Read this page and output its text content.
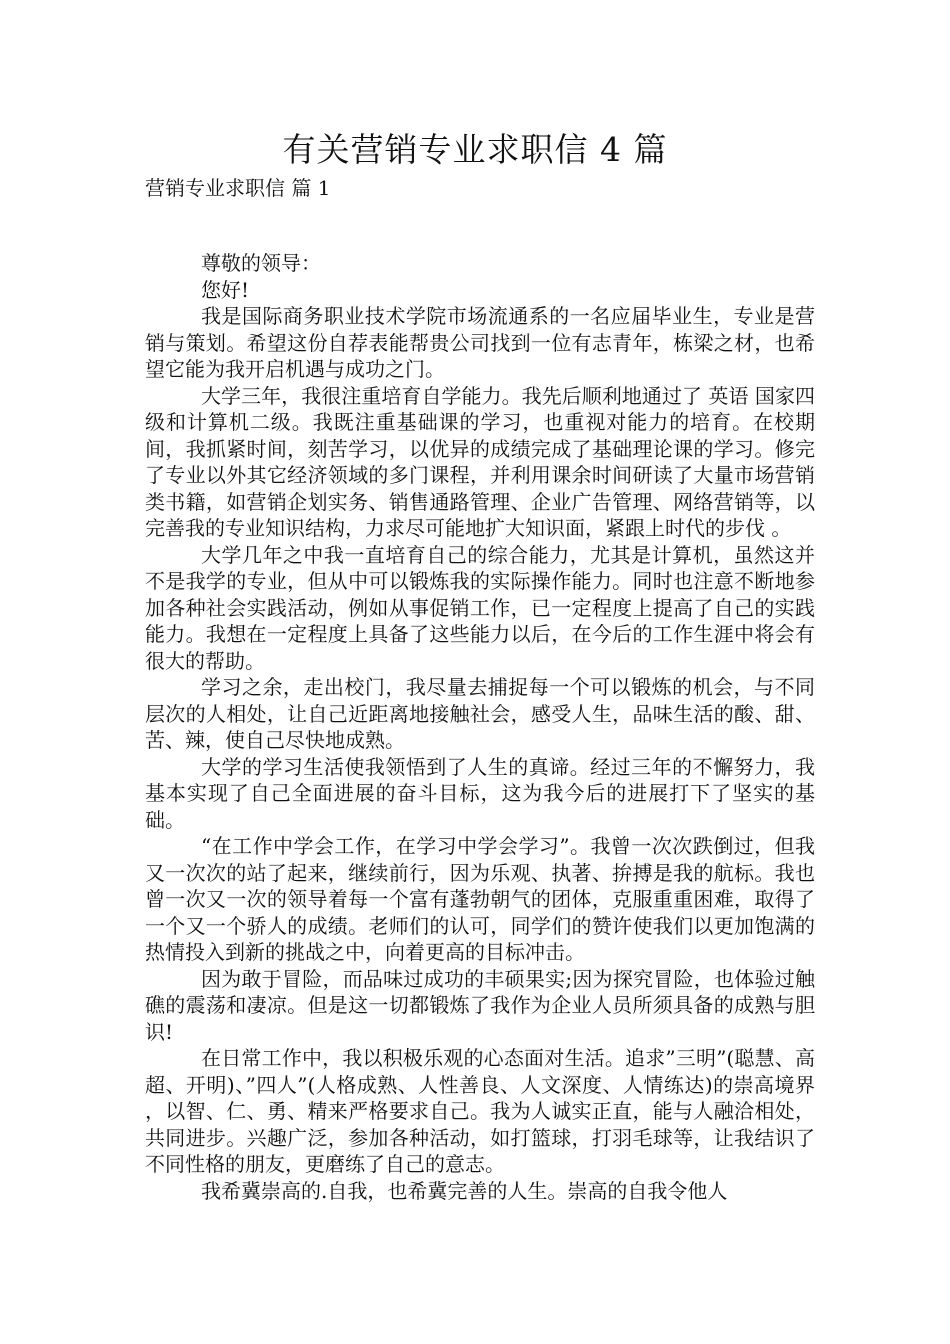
有关营销专业求职信 4 篇
营销专业求职信 篇 1

尊敬的领导：

您好!

我是国际商务职业技术学院市场流通系的一名应届毕业生，专业是营销与策划。希望这份自荐表能帮贵公司找到一位有志青年，栋梁之材，也希望它能为我开启机遇与成功之门。

大学三年，我很注重培育自学能力。我先后顺利地通过了 英语 国家四级和计算机二级。我既注重基础课的学习，也重视对能力的培育。在校期间，我抓紧时间，刻苦学习，以优异的成绩完成了基础理论课的学习。修完了专业以外其它经济领域的多门课程，并利用课余时间研读了大量市场营销类书籍，如营销企划实务、销售通路管理、企业广告管理、网络营销等，以完善我的专业知识结构，力求尽可能地扩大知识面，紧跟上时代的步伐 。

大学几年之中我一直培育自己的综合能力，尤其是计算机，虽然这并不是我学的专业，但从中可以锻炼我的实际操作能力。同时也注意不断地参加各种社会实践活动，例如从事促销工作，已一定程度上提高了自己的实践能力。我想在一定程度上具备了这些能力以后，在今后的工作生涯中将会有很大的帮助。

学习之余，走出校门，我尽量去捕捉每一个可以锻炼的机会，与不同层次的人相处，让自己近距离地接触社会，感受人生，品味生活的酸、甜、苦、辣，使自己尽快地成熟。

大学的学习生活使我领悟到了人生的真谛。经过三年的不懈努力，我基本实现了自己全面进展的奋斗目标，这为我今后的进展打下了坚实的基础。

“在工作中学会工作，在学习中学会学习”。我曾一次次跌倒过，但我又一次次的站了起来，继续前行，因为乐观、执著、拚搏是我的航标。我也曾一次又一次的领导着每一个富有蓬勃朝气的团体，克服重重困难，取得了一个又一个骄人的成绩。老师们的认可，同学们的赞许使我们以更加饱满的热情投入到新的挑战之中，向着更高的目标冲击。

因为敢于冒险，而品味过成功的丰硕果实;因为探究冒险，也体验过触礁的震荡和凄凉。但是这一切都锻炼了我作为企业人员所须具备的成熟与胆识!

在日常工作中，我以积极乐观的心态面对生活。追求”三明”(聪慧、高超、开明)、”四人”(人格成熟、人性善良、人文深度、人情练达)的崇高境界 ，以智、仁、勇、精来严格要求自己。我为人诚实正直，能与人融洽相处，共同进步。兴趣广泛，参加各种活动，如打篮球，打羽毛球等，让我结识了 不同性格的朋友，更磨练了自己的意志。

我希冀崇高的.自我，也希冀完善的人生。崇高的自我令他人
